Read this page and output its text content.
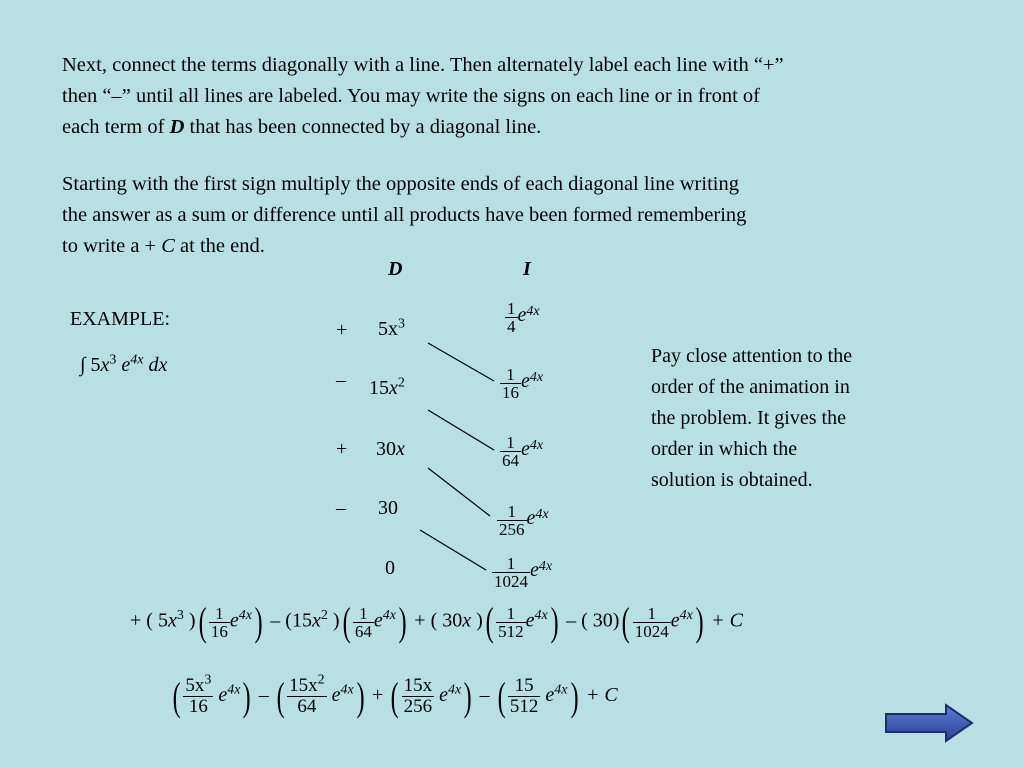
Next, connect the terms diagonally with a line. Then alternately label each line with “+”

then “–” until all lines are labeled. You may write the signs on each line or in front of

each term of D that has been connected by a diagonal line.

Starting with the first sign multiply the opposite ends of each diagonal line writing

the answer as a sum or difference until all products have been formed remembering

to write a + C at the end.

D	I
EXAMPLE:
∫ $5x^3$ $e^{4x}$ dx
+
–
+
–
$5x^3$
$15x^2$
30x
30
0
$\frac{1}{4} e^{4x}$
$\frac{1}{16} e^{4x}$
$\frac{1}{64} e^{4x}$
$\frac{1}{256} e^{4x}$
$\frac{1}{1024} e^{4x}$
Pay close attention to the
order of the animation in
the problem. It gives the
order in which the
solution is obtained.
+ ( $5x^3$ )( $\frac{1}{16} e^{4x}) - (15x^2$ )( $\frac{1}{64} e^{4x}$) + ( 30x )( $\frac{1}{512} e^{4x}$) – ( $30)( \frac{1}{1024} e^{4x}) + C$
( $\frac{5x^3}{16} e^{4x}$) – ( $\frac{15x^2}{64} e^{4x}$) + ( $\frac{15x}{256} e^{4x}$) – ( $\frac{15}{512} e^{4x}) + C$
